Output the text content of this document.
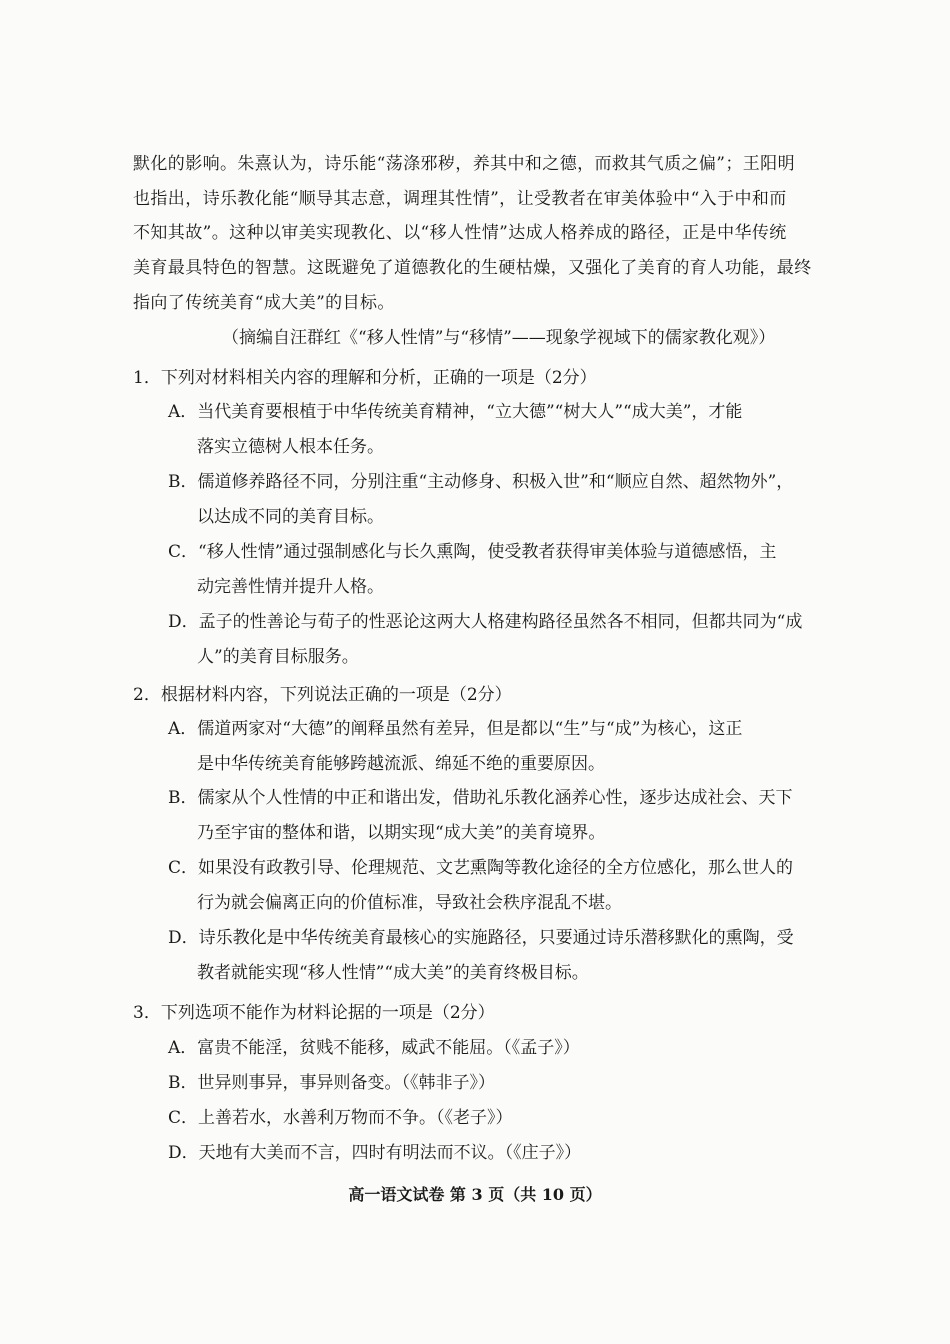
默化的影响。朱熹认为，诗乐能“荡涤邪秽，养其中和之德，而救其气质之偏”；王阳明
也指出，诗乐教化能“顺导其志意，调理其性情”，让受教者在审美体验中“入于中和而
不知其故”。这种以审美实现教化、以“移人性情”达成人格养成的路径，正是中华传统
美育最具特色的智慧。这既避免了道德教化的生硬枯燥，又强化了美育的育人功能，最终
指向了传统美育“成大美”的目标。
（摘编自汪群红《“移人性情”与“移情”——现象学视域下的儒家教化观》）
1．下列对材料相关内容的理解和分析，正确的一项是（2分）
A．当代美育要根植于中华传统美育精神，“立大德”“树大人”“成大美”，才能
落实立德树人根本任务。
B．儒道修养路径不同，分别注重“主动修身、积极入世”和“顺应自然、超然物外”，
以达成不同的美育目标。
C．“移人性情”通过强制感化与长久熏陶，使受教者获得审美体验与道德感悟，主
动完善性情并提升人格。
D．孟子的性善论与荀子的性恶论这两大人格建构路径虽然各不相同，但都共同为“成
人”的美育目标服务。
2．根据材料内容，下列说法正确的一项是（2分）
A．儒道两家对“大德”的阐释虽然有差异，但是都以“生”与“成”为核心，这正
是中华传统美育能够跨越流派、绵延不绝的重要原因。
B．儒家从个人性情的中正和谐出发，借助礼乐教化涵养心性，逐步达成社会、天下
乃至宇宙的整体和谐，以期实现“成大美”的美育境界。
C．如果没有政教引导、伦理规范、文艺熏陶等教化途径的全方位感化，那么世人的
行为就会偏离正向的价值标准，导致社会秩序混乱不堪。
D．诗乐教化是中华传统美育最核心的实施路径，只要通过诗乐潜移默化的熏陶，受
教者就能实现“移人性情”“成大美”的美育终极目标。
3．下列选项不能作为材料论据的一项是（2分）
A．富贵不能淫，贫贱不能移，威武不能屈。（《孟子》）
B．世异则事异，事异则备变。（《韩非子》）
C．上善若水，水善利万物而不争。（《老子》）
D．天地有大美而不言，四时有明法而不议。（《庄子》）
高一语文试卷 第 3 页（共 10 页）
